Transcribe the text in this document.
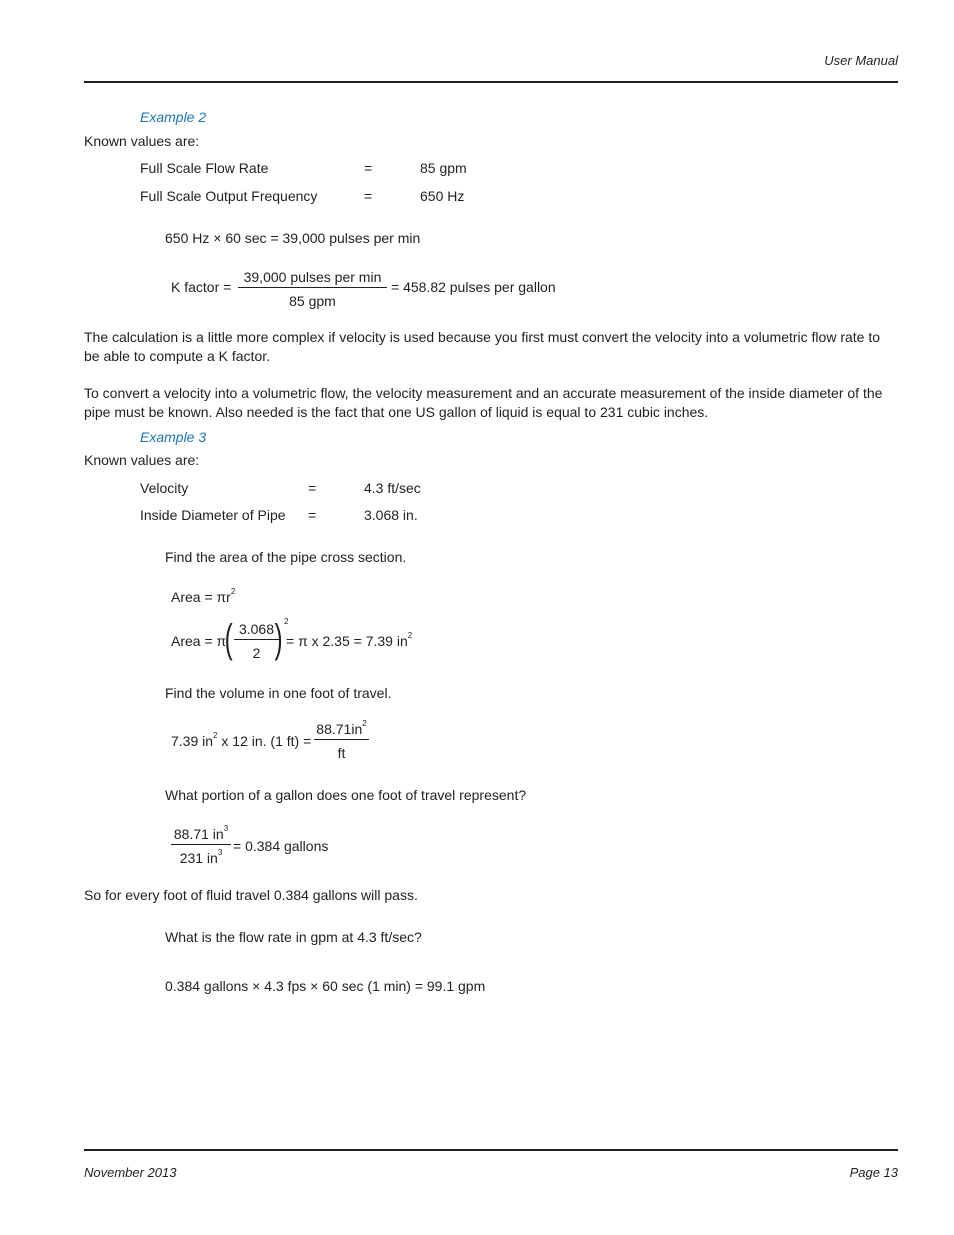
User Manual
Example 2
Known values are:
Full Scale Flow Rate	=	85 gpm
Full Scale Output Frequency	=	650 Hz
650 Hz × 60 sec = 39,000 pulses per min
K factor =
39,000 pulses per min
85 gpm
= 458.82 pulses per gallon
The calculation is a little more complex if velocity is used because you first must convert the velocity into a volumetric flow rate to be able to compute a K factor.
To convert a velocity into a volumetric flow, the velocity measurement and an accurate measurement of the inside diameter of the pipe must be known. Also needed is the fact that one US gallon of liquid is equal to 231 cubic inches.
Example 3
Known values are:
Velocity	=	4.3 ft/sec
Inside Diameter of Pipe =	3.068 in.
Find the area of the pipe cross section.
Area = $\pi r^2$
Area = π
( $\frac{3.068}{2}$
) 2
= π x 2.35 = 7.39 $in^2$
Find the volume in one foot of travel.
7.39 $in^2$ x 12 in. (1 $ft) = \frac{88.71in^2}{ft}$
What portion of a gallon does one foot of travel represent?
$\frac{88.71 in^3}{231 in^3} = 0.384$ gallons
So for every foot of fluid travel 0.384 gallons will pass.
What is the flow rate in gpm at 4.3 ft/sec?
0.384 gallons × 4.3 fps × 60 sec (1 min) = 99.1 gpm
November 2013	Page 13
